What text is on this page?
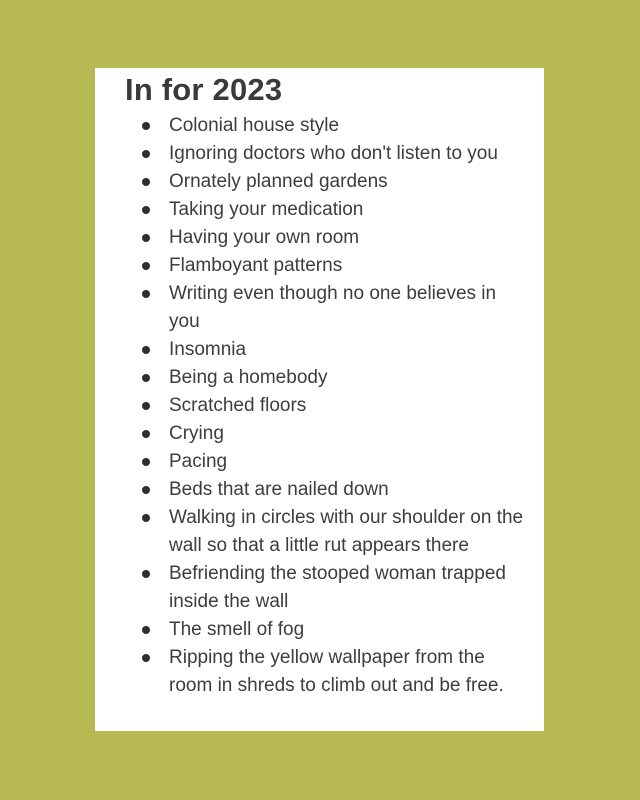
In for 2023
Colonial house style
Ignoring doctors who don't listen to you
Ornately planned gardens
Taking your medication
Having your own room
Flamboyant patterns
Writing even though no one believes in you
Insomnia
Being a homebody
Scratched floors
Crying
Pacing
Beds that are nailed down
Walking in circles with our shoulder on the wall so that a little rut appears there
Befriending the stooped woman trapped inside the wall
The smell of fog
Ripping the yellow wallpaper from the room in shreds to climb out and be free.
